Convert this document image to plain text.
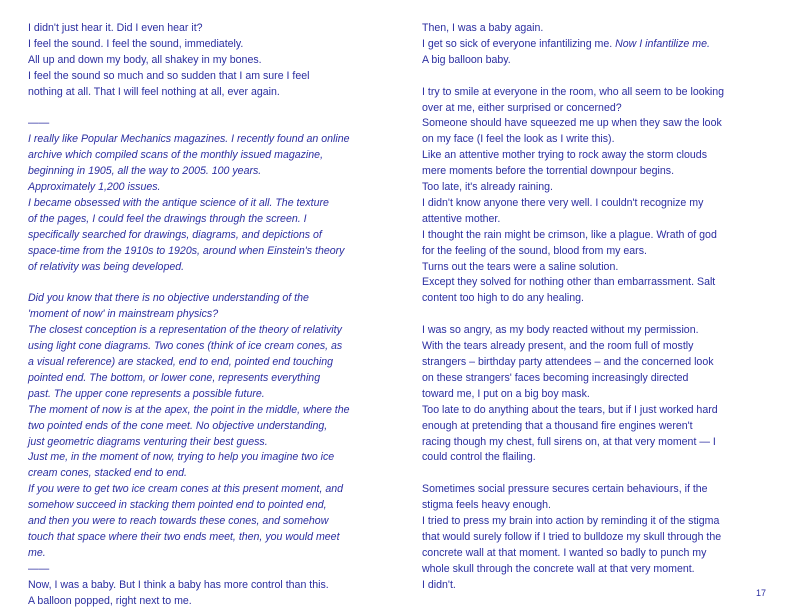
I didn't just hear it. Did I even hear it?
I feel the sound. I feel the sound, immediately.
All up and down my body, all shakey in my bones.
I feel the sound so much and so sudden that I am sure I feel
nothing at all. That I will feel nothing at all, ever again.

——

I really like Popular Mechanics magazines. I recently found an online
archive which compiled scans of the monthly issued magazine,
beginning in 1905, all the way to 2005. 100 years.
Approximately 1,200 issues.
I became obsessed with the antique science of it all. The texture
of the pages, I could feel the drawings through the screen. I
specifically searched for drawings, diagrams, and depictions of
space-time from the 1910s to 1920s, around when Einstein's theory
of relativity was being developed.

Did you know that there is no objective understanding of the
'moment of now' in mainstream physics?
The closest conception is a representation of the theory of relativity
using light cone diagrams. Two cones (think of ice cream cones, as
a visual reference) are stacked, end to end, pointed end touching
pointed end. The bottom, or lower cone, represents everything
past. The upper cone represents a possible future.
The moment of now is at the apex, the point in the middle, where the
two pointed ends of the cone meet. No objective understanding,
just geometric diagrams venturing their best guess.
Just me, in the moment of now, trying to help you imagine two ice
cream cones, stacked end to end.
If you were to get two ice cream cones at this present moment, and
somehow succeed in stacking them pointed end to pointed end,
and then you were to reach towards these cones, and somehow
touch that space where their two ends meet, then, you would meet
me.

——

Now, I was a baby. But I think a baby has more control than this.
A balloon popped, right next to me.

Then, I was a baby again.
I get so sick of everyone infantilizing me. Now I infantilize me.
A big balloon baby.

I try to smile at everyone in the room, who all seem to be looking
over at me, either surprised or concerned?
Someone should have squeezed me up when they saw the look
on my face (I feel the look as I write this).
Like an attentive mother trying to rock away the storm clouds
mere moments before the torrential downpour begins.
Too late, it's already raining.
I didn't know anyone there very well. I couldn't recognize my
attentive mother.
I thought the rain might be crimson, like a plague. Wrath of god
for the feeling of the sound, blood from my ears.
Turns out the tears were a saline solution.
Except they solved for nothing other than embarrassment. Salt
content too high to do any healing.

I was so angry, as my body reacted without my permission.
With the tears already present, and the room full of mostly
strangers – birthday party attendees – and the concerned look
on these strangers' faces becoming increasingly directed
toward me, I put on a big boy mask.
Too late to do anything about the tears, but if I just worked hard
enough at pretending that a thousand fire engines weren't
racing though my chest, full sirens on, at that very moment — I
could control the flailing.

Sometimes social pressure secures certain behaviours, if the
stigma feels heavy enough.
I tried to press my brain into action by reminding it of the stigma
that would surely follow if I tried to bulldoze my skull through the
concrete wall at that moment. I wanted so badly to punch my
whole skull through the concrete wall at that very moment.
I didn't.

17
